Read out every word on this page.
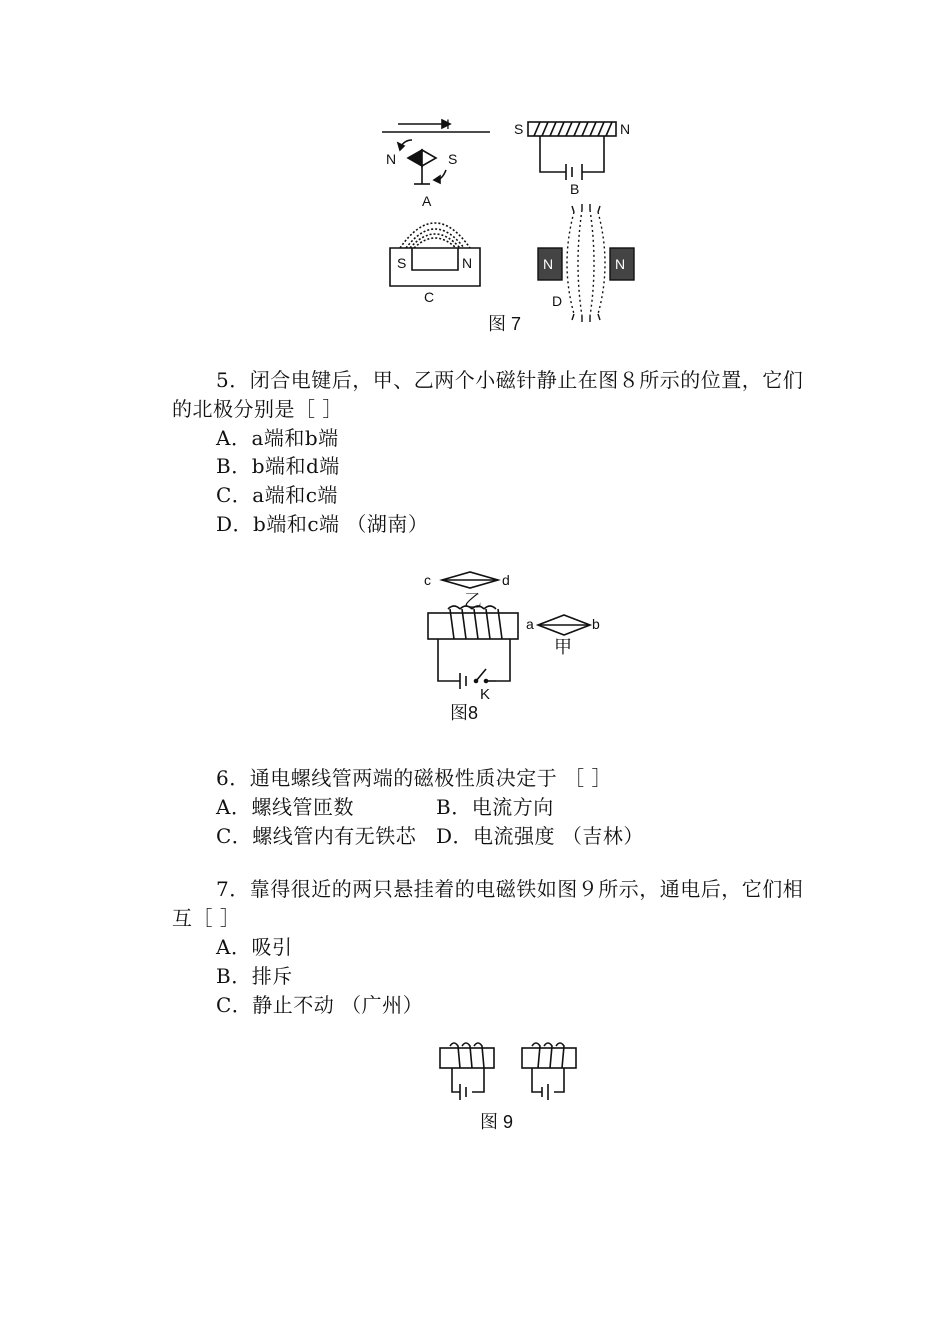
I
N	S
A
S	N
B
S	N
C
N	N
D
图 7
5．闭合电键后，甲、乙两个小磁针静止在图８所示的位置，它们
的北极分别是［ ］
A．a端和b端
B．b端和d端
C．a端和c端
D．b端和c端 （湖南）
c	d
乙
a	b
甲
K
图8
6．通电螺线管两端的磁极性质决定于 ［ ］
A．螺线管匝数	B．电流方向
C．螺线管内有无铁芯 D．电流强度 （吉林）
7．靠得很近的两只悬挂着的电磁铁如图９所示，通电后，它们相
互［ ］
A．吸引
B．排斥
C．静止不动 （广州）
图 9
